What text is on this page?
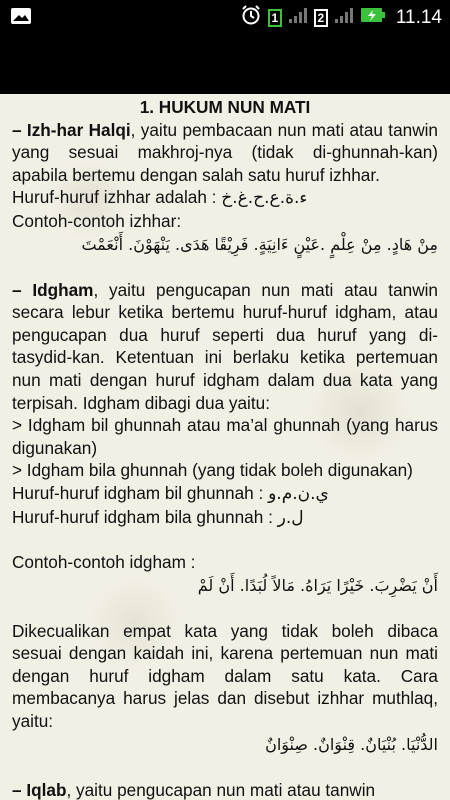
1	2	11.14

1. HUKUM NUN MATI

– Izh-har Halqi, yaitu pembacaan nun mati atau tanwin yang sesuai makhroj-nya (tidak di-ghunnah-kan) apabila bertemu dengan salah satu huruf izhhar.

Huruf-huruf izhhar adalah : ء.ة.ع.ح.غ.خ

Contoh-contoh izhhar:

مِنْ هَادٍ. مِنْ عِلْمٍ .عَيْنٍ ءَانِيَةٍ. فَرِيْقًا هَدَى. يَنْهَوْنَ. أَنْعَمْتَ

– Idgham, yaitu pengucapan nun mati atau tanwin secara lebur ketika bertemu huruf-huruf idgham, atau pengucapan dua huruf seperti dua huruf yang di-tasydid-kan. Ketentuan ini berlaku ketika pertemuan nun mati dengan huruf idgham dalam dua kata yang terpisah. Idgham dibagi dua yaitu:

> Idgham bil ghunnah atau ma’al ghunnah (yang harus digunakan)

> Idgham bila ghunnah (yang tidak boleh digunakan)

Huruf-huruf idgham bil ghunnah : ي.ن.م.و

Huruf-huruf idgham bila ghunnah : ل.ر

Contoh-contoh idgham :

أَنْ يَضْرِبَ. خَيْرًا يَرَاهُ. مَالاً لُبَدًا. أَنْ لَمْ

Dikecualikan empat kata yang tidak boleh dibaca sesuai dengan kaidah ini, karena pertemuan nun mati dengan huruf idgham dalam satu kata. Cara membacanya harus jelas dan disebut izhhar muthlaq, yaitu:

الدُّنْيَا. بُنْيَانٌ. قِنْوَانٌ. صِنْوَانٌ

– Iqlab, yaitu pengucapan nun mati atau tanwin
